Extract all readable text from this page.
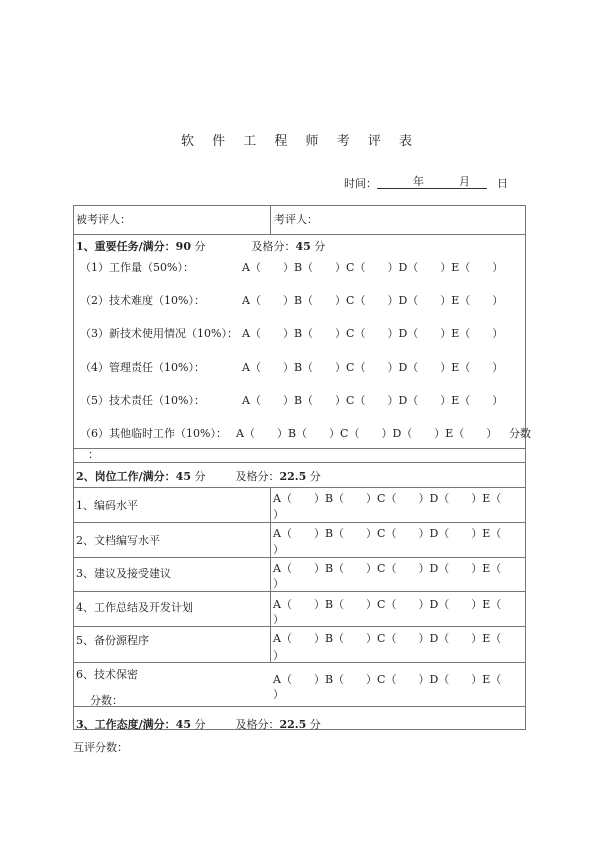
软 件 工 程 师 考 评 表
时间：	年	月 日
被考评人：	考评人：
1、重要任务/满分：90 分	及格分：45 分
（1）工作量（50%）：	A（　　）B（　　）C（　　）D（　　）E（　　）
（2）技术难度（10%）：	A（　　）B（　　）C（　　）D（　　）E（　　）
（3）新技术使用情况（10%）： A（　　）B（　　）C（　　）D（　　）E（　　）
（4）管理责任（10%）：	A（　　）B（　　）C（　　）D（　　）E（　　）
（5）技术责任（10%）：	A（　　）B（　　）C（　　）D（　　）E（　　）
（6）其他临时工作（10%）： A（　　）B（　　）C（　　）D（　　）E（　　） 分数
：
2、岗位工作/满分：45 分	及格分：22.5 分
1、编码水平
A（　　）B（　　）C（　　）D（　　）E（
）
2、文档编写水平
A（　　）B（　　）C（　　）D（　　）E（
）
3、建议及接受建议	A（　　）B（　　）C（　　）D（　　）E（
）
4、工作总结及开发计划	A（　　）B（　　）C（　　）D（　　）E（
）
5、备份源程序	A（　　）B（　　）C（　　）D（　　）E（
）
6、技术保密	A（　　）B（　　）C（　　）D（　　）E（
）
分数：
3、工作态度/满分：45 分	及格分：22.5 分
互评分数：
